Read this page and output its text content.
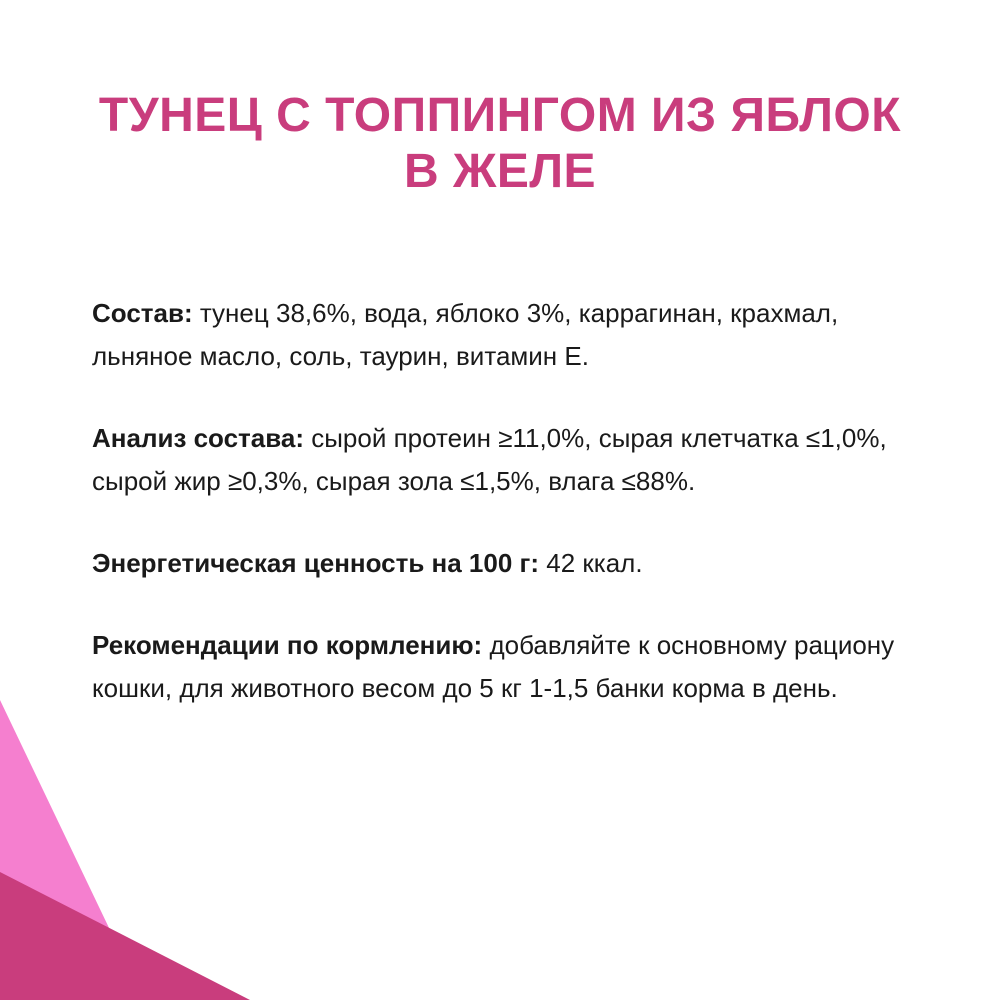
ТУНЕЦ С ТОППИНГОМ ИЗ ЯБЛОК
В ЖЕЛЕ

Состав: тунец 38,6%, вода, яблоко 3%, каррагинан, крахмал, льняное масло, соль, таурин, витамин Е.

Анализ состава: сырой протеин ≥11,0%, сырая клетчатка ≤1,0%, сырой жир ≥0,3%, сырая зола ≤1,5%, влага ≤88%.

Энергетическая ценность на 100 г: 42 ккал.

Рекомендации по кормлению: добавляйте к основному рациону кошки, для животного весом до 5 кг 1-1,5 банки корма в день.
